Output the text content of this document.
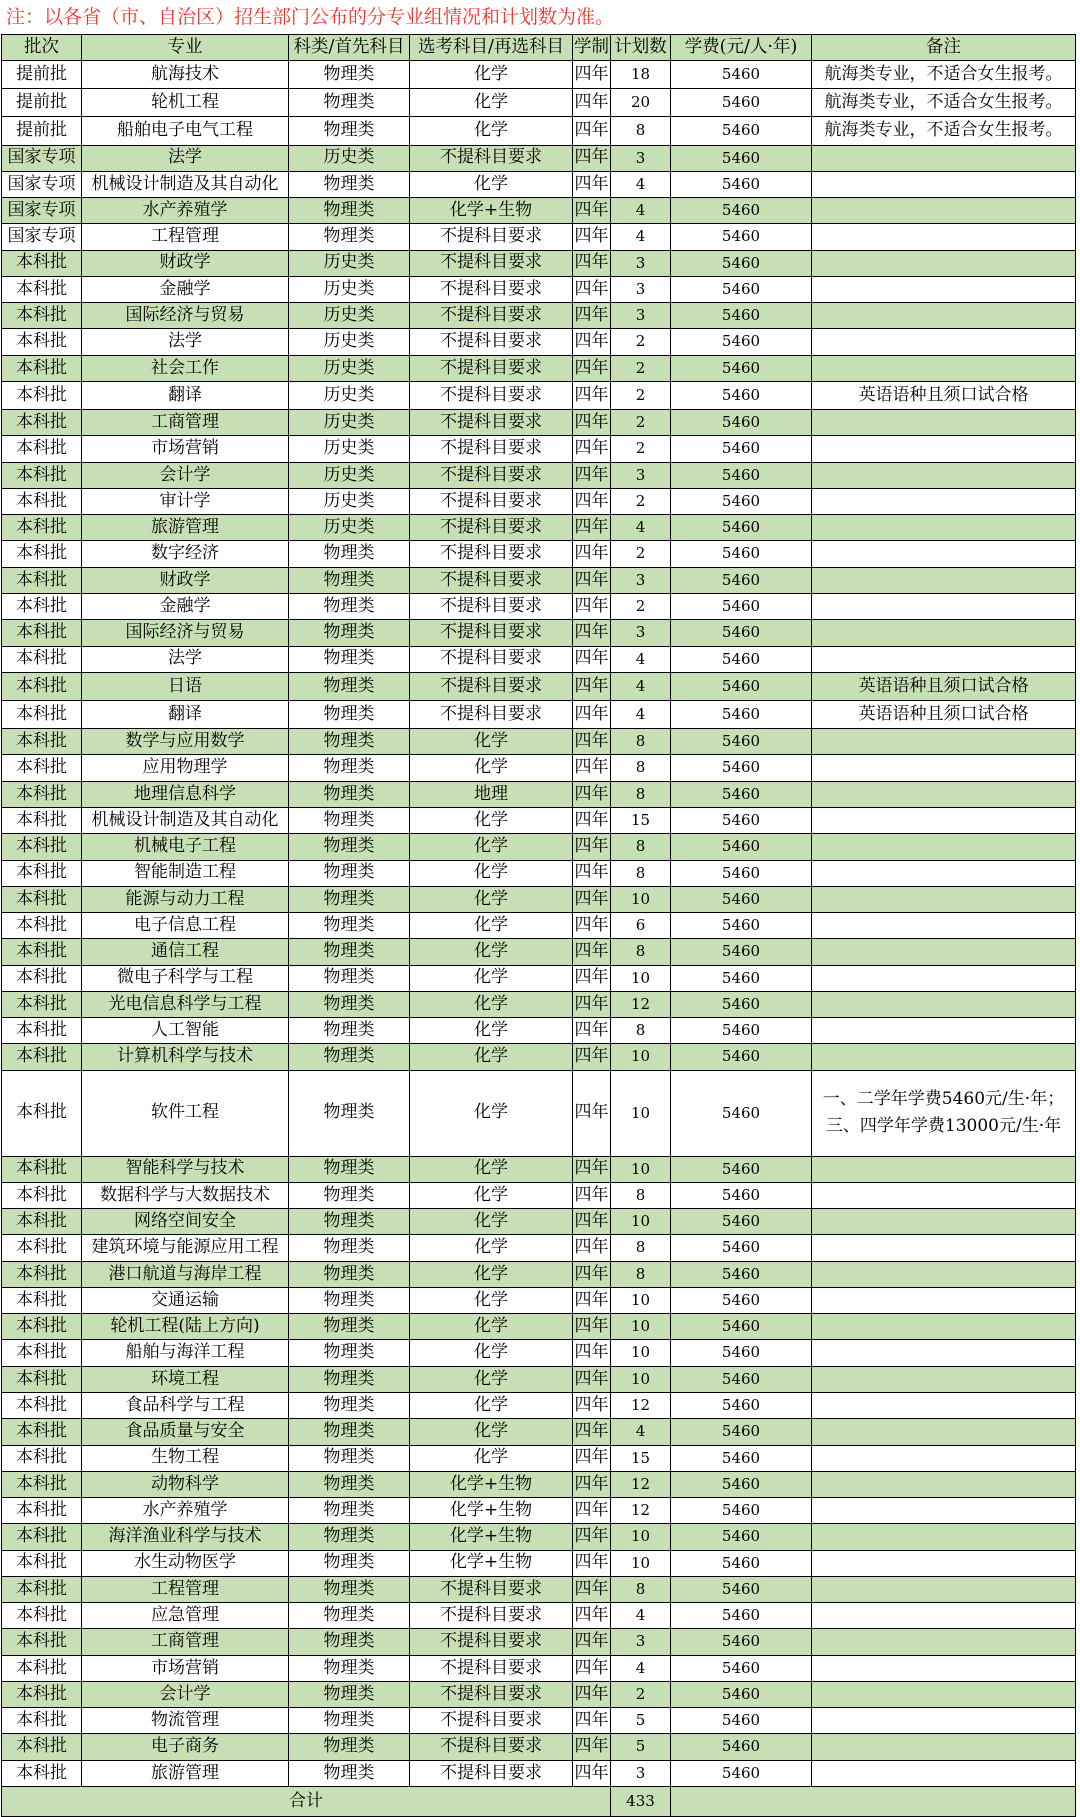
注：以各省（市、自治区）招生部门公布的分专业组情况和计划数为准。
批次	专业	科类/首先科目	选考科目/再选科目	学制	计划数	学费(元/人·年)	备注
提前批	航海技术	物理类	化学	四年	18	5460	航海类专业，不适合女生报考。
提前批	轮机工程	物理类	化学	四年	20	5460	航海类专业，不适合女生报考。
提前批	船舶电子电气工程	物理类	化学	四年	8	5460	航海类专业，不适合女生报考。
国家专项	法学	历史类	不提科目要求	四年	3	5460	
国家专项	机械设计制造及其自动化	物理类	化学	四年	4	5460	
国家专项	水产养殖学	物理类	化学+生物	四年	4	5460	
国家专项	工程管理	物理类	不提科目要求	四年	4	5460	
本科批	财政学	历史类	不提科目要求	四年	3	5460	
本科批	金融学	历史类	不提科目要求	四年	3	5460	
本科批	国际经济与贸易	历史类	不提科目要求	四年	3	5460	
本科批	法学	历史类	不提科目要求	四年	2	5460	
本科批	社会工作	历史类	不提科目要求	四年	2	5460	
本科批	翻译	历史类	不提科目要求	四年	2	5460	英语语种且须口试合格
本科批	工商管理	历史类	不提科目要求	四年	2	5460	
本科批	市场营销	历史类	不提科目要求	四年	2	5460	
本科批	会计学	历史类	不提科目要求	四年	3	5460	
本科批	审计学	历史类	不提科目要求	四年	2	5460	
本科批	旅游管理	历史类	不提科目要求	四年	4	5460	
本科批	数字经济	物理类	不提科目要求	四年	2	5460	
本科批	财政学	物理类	不提科目要求	四年	3	5460	
本科批	金融学	物理类	不提科目要求	四年	2	5460	
本科批	国际经济与贸易	物理类	不提科目要求	四年	3	5460	
本科批	法学	物理类	不提科目要求	四年	4	5460	
本科批	日语	物理类	不提科目要求	四年	4	5460	英语语种且须口试合格
本科批	翻译	物理类	不提科目要求	四年	4	5460	英语语种且须口试合格
本科批	数学与应用数学	物理类	化学	四年	8	5460	
本科批	应用物理学	物理类	化学	四年	8	5460	
本科批	地理信息科学	物理类	地理	四年	8	5460	
本科批	机械设计制造及其自动化	物理类	化学	四年	15	5460	
本科批	机械电子工程	物理类	化学	四年	8	5460	
本科批	智能制造工程	物理类	化学	四年	8	5460	
本科批	能源与动力工程	物理类	化学	四年	10	5460	
本科批	电子信息工程	物理类	化学	四年	6	5460	
本科批	通信工程	物理类	化学	四年	8	5460	
本科批	微电子科学与工程	物理类	化学	四年	10	5460	
本科批	光电信息科学与工程	物理类	化学	四年	12	5460	
本科批	人工智能	物理类	化学	四年	8	5460	
本科批	计算机科学与技术	物理类	化学	四年	10	5460	
本科批	软件工程	物理类	化学	四年	10	5460	一、二学年学费5460元/生·年；三、四学年学费13000元/生·年
本科批	智能科学与技术	物理类	化学	四年	10	5460	
本科批	数据科学与大数据技术	物理类	化学	四年	8	5460	
本科批	网络空间安全	物理类	化学	四年	10	5460	
本科批	建筑环境与能源应用工程	物理类	化学	四年	8	5460	
本科批	港口航道与海岸工程	物理类	化学	四年	8	5460	
本科批	交通运输	物理类	化学	四年	10	5460	
本科批	轮机工程(陆上方向)	物理类	化学	四年	10	5460	
本科批	船舶与海洋工程	物理类	化学	四年	10	5460	
本科批	环境工程	物理类	化学	四年	10	5460	
本科批	食品科学与工程	物理类	化学	四年	12	5460	
本科批	食品质量与安全	物理类	化学	四年	4	5460	
本科批	生物工程	物理类	化学	四年	15	5460	
本科批	动物科学	物理类	化学+生物	四年	12	5460	
本科批	水产养殖学	物理类	化学+生物	四年	12	5460	
本科批	海洋渔业科学与技术	物理类	化学+生物	四年	10	5460	
本科批	水生动物医学	物理类	化学+生物	四年	10	5460	
本科批	工程管理	物理类	不提科目要求	四年	8	5460	
本科批	应急管理	物理类	不提科目要求	四年	4	5460	
本科批	工商管理	物理类	不提科目要求	四年	3	5460	
本科批	市场营销	物理类	不提科目要求	四年	4	5460	
本科批	会计学	物理类	不提科目要求	四年	2	5460	
本科批	物流管理	物理类	不提科目要求	四年	5	5460	
本科批	电子商务	物理类	不提科目要求	四年	5	5460	
本科批	旅游管理	物理类	不提科目要求	四年	3	5460	
合计					433		
